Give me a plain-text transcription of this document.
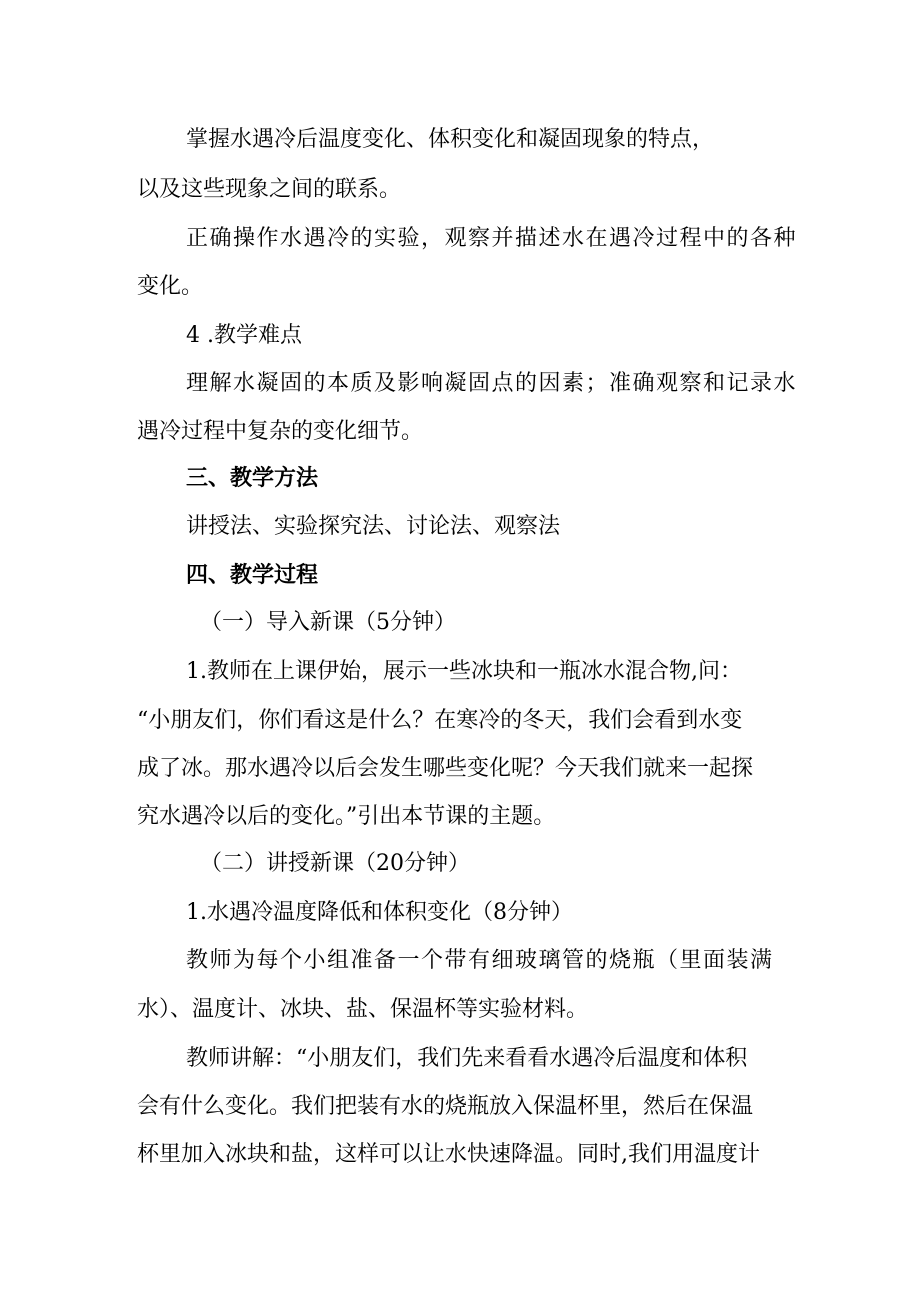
掌握水遇冷后温度变化、体积变化和凝固现象的特点，
以及这些现象之间的联系。
正确操作水遇冷的实验，观察并描述水在遇冷过程中的各种
变化。
4 .教学难点
理解水凝固的本质及影响凝固点的因素；准确观察和记录水
遇冷过程中复杂的变化细节。
三、教学方法
讲授法、实验探究法、讨论法、观察法
四、教学过程
（一）导入新课（5分钟）
1.教师在上课伊始，展示一些冰块和一瓶冰水混合物,问：
“小朋友们，你们看这是什么？在寒冷的冬天，我们会看到水变
成了冰。那水遇冷以后会发生哪些变化呢？今天我们就来一起探
究水遇冷以后的变化。”引出本节课的主题。
（二）讲授新课（20分钟）
1.水遇冷温度降低和体积变化（8分钟）
教师为每个小组准备一个带有细玻璃管的烧瓶（里面装满
水）、温度计、冰块、盐、保温杯等实验材料。
教师讲解：“小朋友们，我们先来看看水遇冷后温度和体积
会有什么变化。我们把装有水的烧瓶放入保温杯里，然后在保温
杯里加入冰块和盐，这样可以让水快速降温。同时,我们用温度计
